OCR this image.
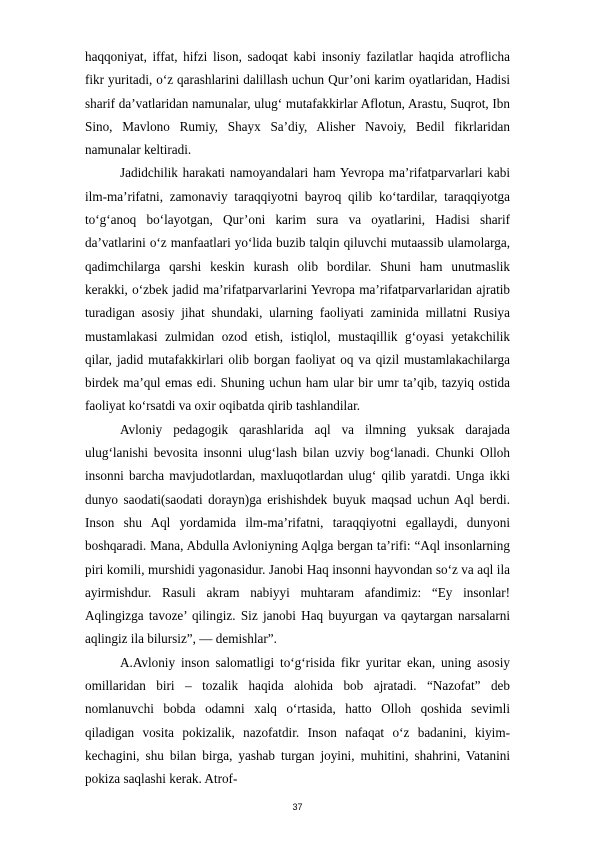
haqqoniyat, iffat, hifzi lison, sadoqat kabi insoniy fazilatlar haqida atroflicha fikr yuritadi, o‘z qarashlarini dalillash uchun Qur’oni karim oyatlaridan, Hadisi sharif da’vatlaridan namunalar, ulug‘ mutafakkirlar Aflotun, Arastu, Suqrot, Ibn Sino, Mavlono Rumiy, Shayx Sa’diy, Alisher Navoiy, Bedil fikrlaridan namunalar keltiradi.

Jadidchilik harakati namoyandalari ham Yevropa ma’rifatparvarlari kabi ilm-ma’rifatni, zamonaviy taraqqiyotni bayroq qilib ko‘tardilar, taraqqiyotga to‘g‘anoq bo‘layotgan, Qur’oni karim sura va oyatlarini, Hadisi sharif da’vatlarini o‘z manfaatlari yo‘lida buzib talqin qiluvchi mutaassib ulamolarga, qadimchilarga qarshi keskin kurash olib bordilar. Shuni ham unutmaslik kerakki, o‘zbek jadid ma’rifatparvarlarini Yevropa ma’rifatparvarlaridan ajratib turadigan asosiy jihat shundaki, ularning faoliyati zaminida millatni Rusiya mustamlakasi zulmidan ozod etish, istiqlol, mustaqillik g‘oyasi yetakchilik qilar, jadid mutafakkirlari olib borgan faoliyat oq va qizil mustamlakachilarga birdek ma’qul emas edi. Shuning uchun ham ular bir umr ta’qib, tazyiq ostida faoliyat ko‘rsatdi va oxir oqibatda qirib tashlandilar.

Avloniy pedagogik qarashlarida aql va ilmning yuksak darajada ulug‘lanishi bevosita insonni ulug‘lash bilan uzviy bog‘lanadi. Chunki Olloh insonni barcha mavjudotlardan, maxluqotlardan ulug‘ qilib yaratdi. Unga ikki dunyo saodati(saodati dorayn)ga erishishdek buyuk maqsad uchun Aql berdi. Inson shu Aql yordamida ilm-ma’rifatni, taraqqiyotni egallaydi, dunyoni boshqaradi. Mana, Abdulla Avloniyning Aqlga bergan ta’rifi: “Aql insonlarning piri komili, murshidi yagonasidur. Janobi Haq insonni hayvondan so‘z va aql ila ayirmishdur. Rasuli akram nabiyyi muhtaram afandimiz: “Ey insonlar! Aqlingizga tavoze’ qilingiz. Siz janobi Haq buyurgan va qaytargan narsalarni aqlingiz ila bilursiz”, — demishlar”.

A.Avloniy inson salomatligi to‘g‘risida fikr yuritar ekan, uning asosiy omillaridan biri – tozalik haqida alohida bob ajratadi. “Nazofat” deb nomlanuvchi bobda odamni xalq o‘rtasida, hatto Olloh qoshida sevimli qiladigan vosita pokizalik, nazofatdir. Inson nafaqat o‘z badanini, kiyim-kechagini, shu bilan birga, yashab turgan joyini, muhitini, shahrini, Vatanini pokiza saqlashi kerak. Atrof-

37
